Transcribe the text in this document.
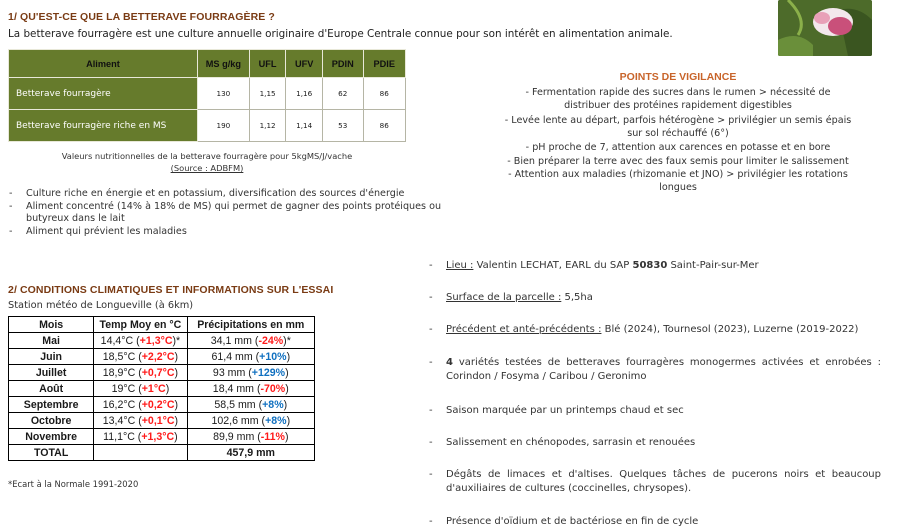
1/ QU'EST-CE QUE LA BETTERAVE FOURRAGÈRE ?
La betterave fourragère est une culture annuelle originaire d'Europe Centrale connue pour son intérêt en alimentation animale.
Aliment	MS g/kg	UFL	UFV	PDIN	PDIE
Betterave fourragère	130	1,15	1,16	62	86
Betterave fourragère riche en MS	190	1,12	1,14	53	86
Valeurs nutritionnelles de la betterave fourragère pour 5kgMS/J/vache
(Source : ADBFM)
- Culture riche en énergie et en potassium, diversification des sources d'énergie
- Aliment concentré (14% à 18% de MS) qui permet de gagner des points protéiques ou butyreux dans le lait
- Aliment qui prévient les maladies
POINTS DE VIGILANCE
- Fermentation rapide des sucres dans le rumen > nécessité de distribuer des protéines rapidement digestibles
- Levée lente au départ, parfois hétérogène > privilégier un semis épais sur sol réchauffé (6°)
- pH proche de 7, attention aux carences en potasse et en bore
- Bien préparer la terre avec des faux semis pour limiter le salissement
- Attention aux maladies (rhizomanie et JNO) > privilégier les rotations longues
2/ CONDITIONS CLIMATIQUES ET INFORMATIONS SUR L'ESSAI
Station météo de Longueville (à 6km)
Mois	Temp Moy en °C	Précipitations en mm
Mai	14,4°C (+1,3°C)*	34,1 mm (-24%)*
Juin	18,5°C (+2,2°C)	61,4 mm (+10%)
Juillet	18,9°C (+0,7°C)	93 mm (+129%)
Août	19°C (+1°C)	18,4 mm (-70%)
Septembre	16,2°C (+0,2°C)	58,5 mm (+8%)
Octobre	13,4°C (+0,1°C)	102,6 mm (+8%)
Novembre	11,1°C (+1,3°C)	89,9 mm (-11%)
TOTAL		457,9 mm
*Ecart à la Normale 1991-2020
- Lieu : Valentin LECHAT, EARL du SAP 50830 Saint-Pair-sur-Mer
- Surface de la parcelle : 5,5ha
- Précédent et anté-précédents : Blé (2024), Tournesol (2023), Luzerne (2019-2022)
- 4 variétés testées de betteraves fourragères monogermes activées et enrobées : Corindon / Fosyma / Caribou / Geronimo
- Saison marquée par un printemps chaud et sec
- Salissement en chénopodes, sarrasin et renouées
- Dégâts de limaces et d'altises. Quelques tâches de pucerons noirs et beaucoup d'auxiliaires de cultures (coccinelles, chrysopes).
- Présence d'oïdium et de bactériose en fin de cycle
